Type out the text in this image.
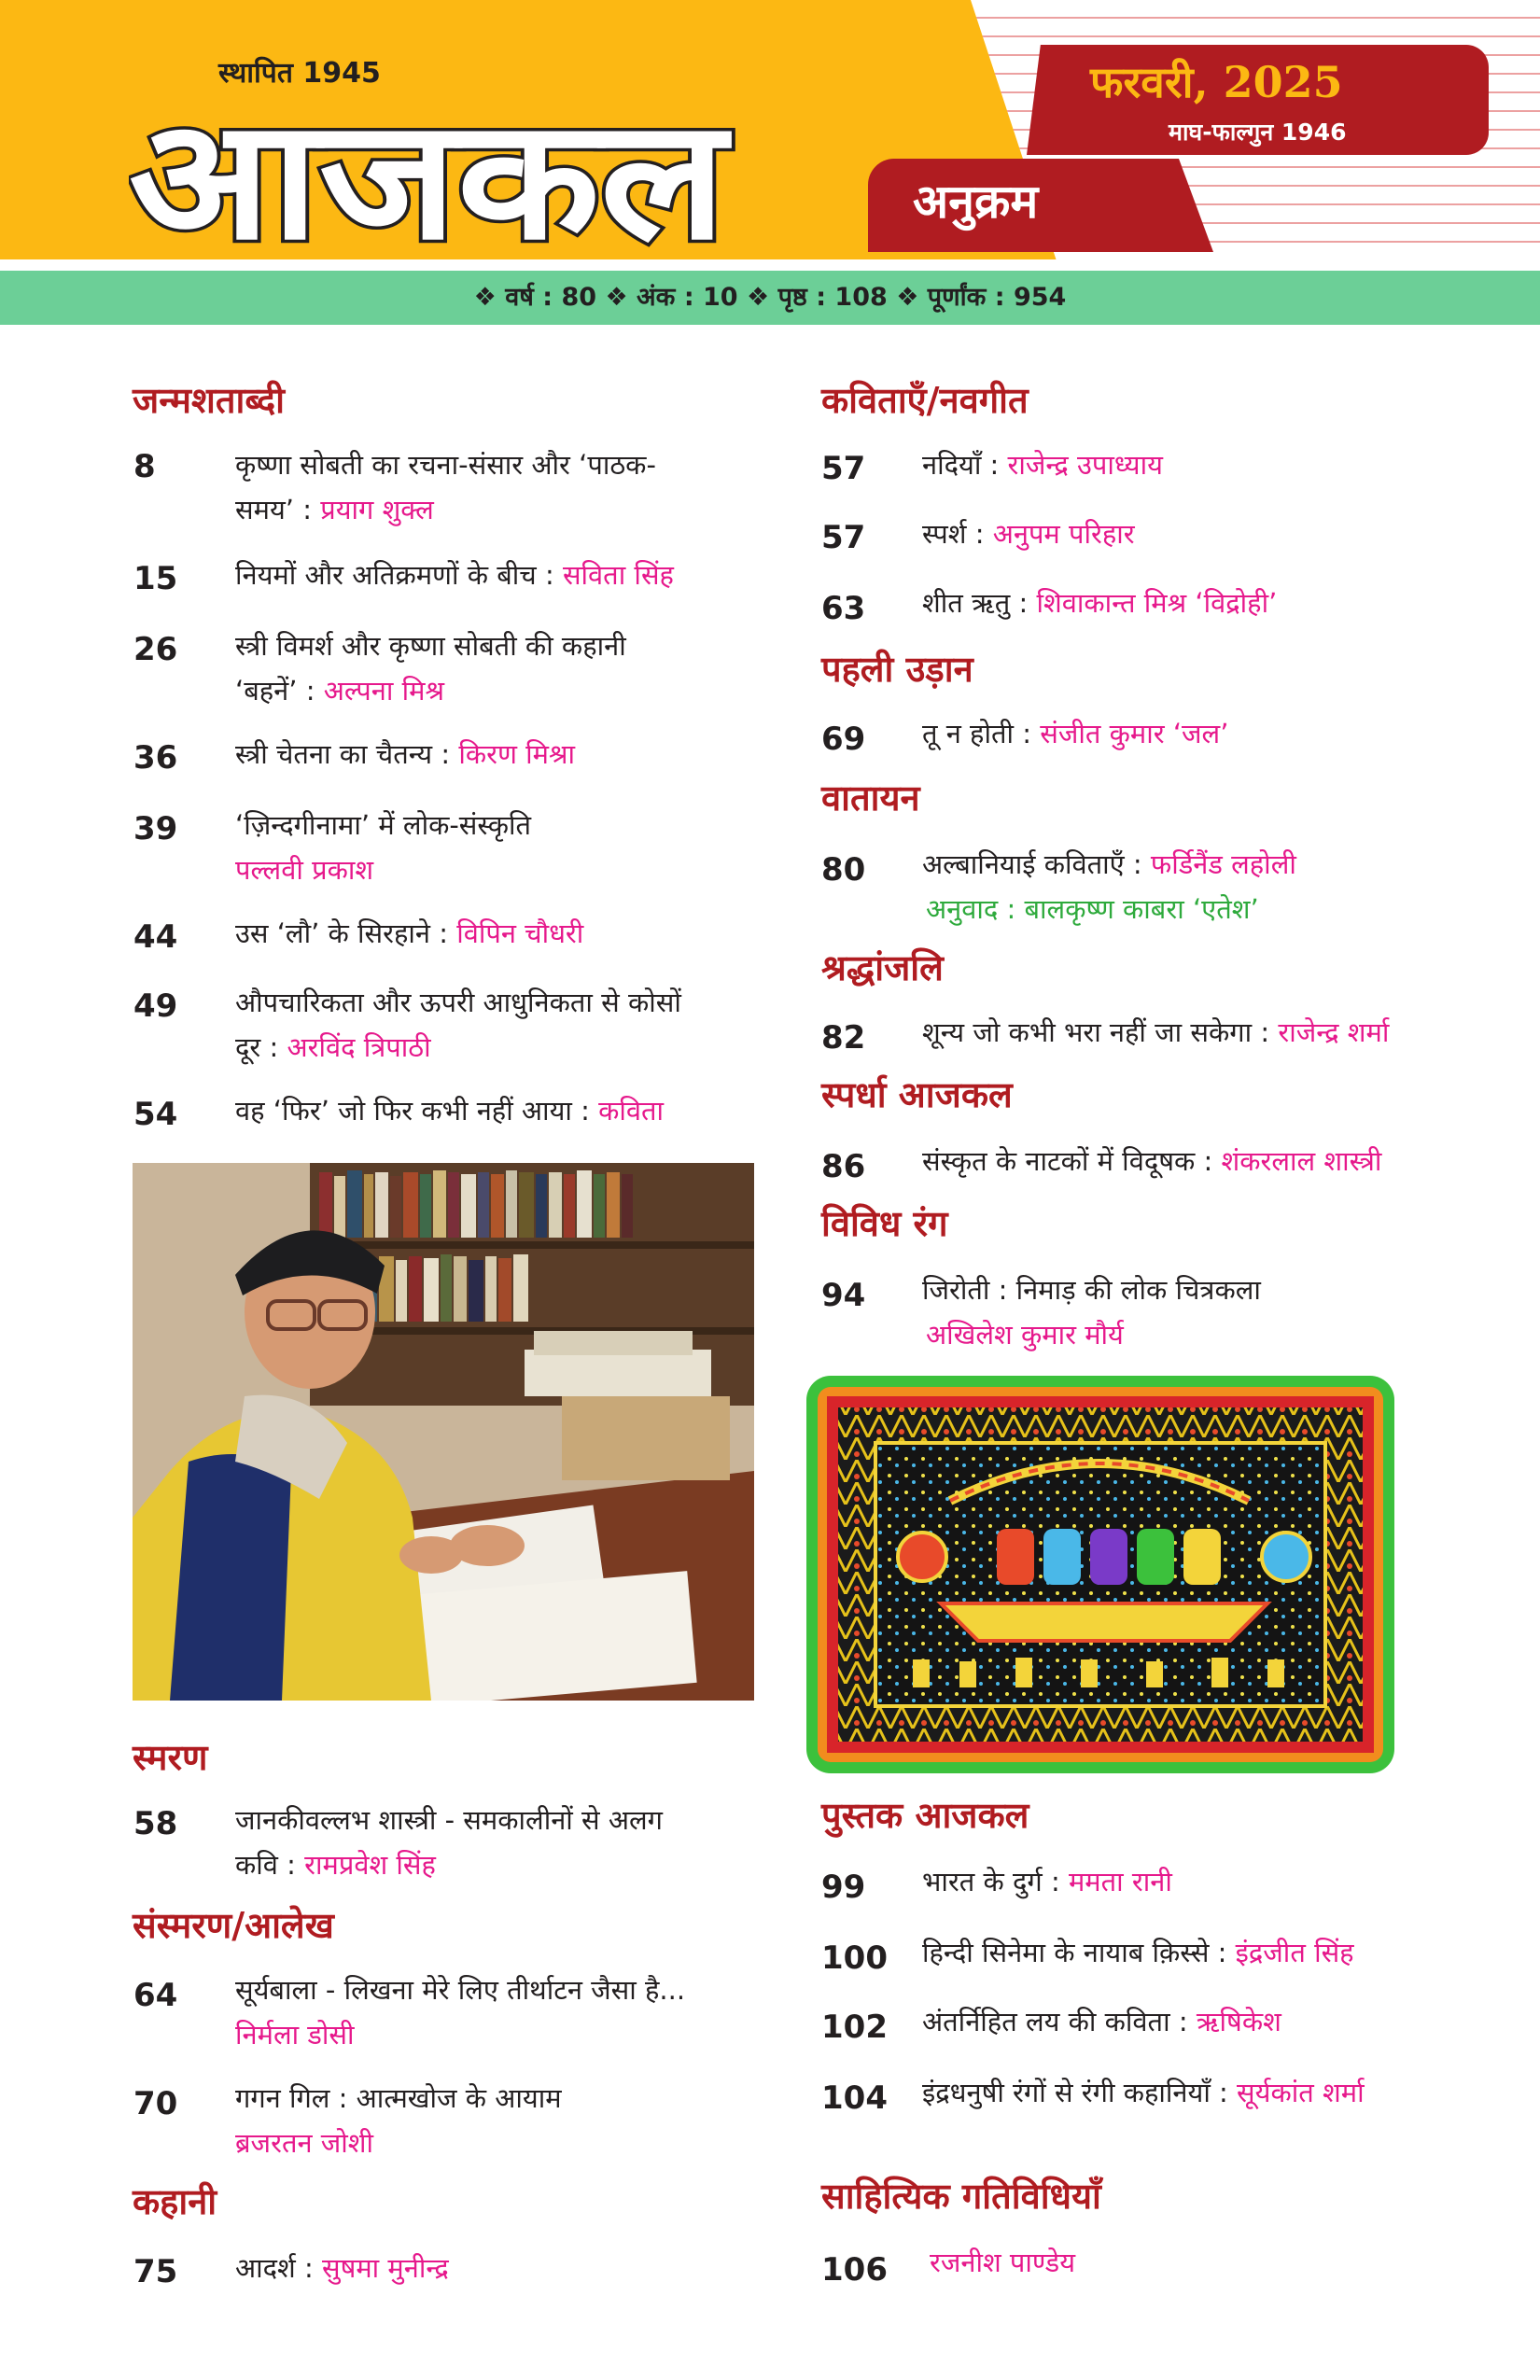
स्थापित 1945
आजकल
फरवरी, 2025
माघ-फाल्गुन 1946
अनुक्रम
❖ वर्ष : 80 ❖ अंक : 10 ❖ पृष्ठ : 108 ❖ पूर्णांक : 954
जन्मशताब्दी
8	कृष्णा सोबती का रचना-संसार और ‘पाठक-
समय’ : प्रयाग शुक्ल
15 नियमों और अतिक्रमणों के बीच : सविता सिंह
26 स्त्री विमर्श और कृष्णा सोबती की कहानी
‘बहनें’ : अल्पना मिश्र
36 स्त्री चेतना का चैतन्य : किरण मिश्रा
39 ‘ज़िन्दगीनामा’ में लोक-संस्कृति
पल्लवी प्रकाश
44 उस ‘लौ’ के सिरहाने : विपिन चौधरी
49 औपचारिकता और ऊपरी आधुनिकता से कोसों
दूर : अरविंद त्रिपाठी
54 वह ‘फिर’ जो फिर कभी नहीं आया : कविता
स्मरण
58 जानकीवल्लभ शास्त्री - समकालीनों से अलग
कवि : रामप्रवेश सिंह
संस्मरण/आलेख
64 सूर्यबाला - लिखना मेरे लिए तीर्थाटन जैसा है...
निर्मला डोसी
70 गगन गिल : आत्मखोज के आयाम
ब्रजरतन जोशी
कहानी
75 आदर्श : सुषमा मुनीन्द्र
कविताएँ/नवगीत
57 नदियाँ : राजेन्द्र उपाध्याय
57 स्पर्श : अनुपम परिहार
63 शीत ऋतु : शिवाकान्त मिश्र ‘विद्रोही’
पहली उड़ान
69 तू न होती : संजीत कुमार ‘जल’
वातायन
80 अल्बानियाई कविताएँ : फर्डिनैंड लहोली
अनुवाद : बालकृष्ण काबरा ‘एतेश’
श्रद्धांजलि
82 शून्य जो कभी भरा नहीं जा सकेगा : राजेन्द्र शर्मा
स्पर्धा आजकल
86 संस्कृत के नाटकों में विदूषक : शंकरलाल शास्त्री
विविध रंग
94 जिरोती : निमाड़ की लोक चित्रकला
अखिलेश कुमार मौर्य
पुस्तक आजकल
99 भारत के दुर्ग : ममता रानी
100 हिन्दी सिनेमा के नायाब क़िस्से : इंद्रजीत सिंह
102 अंतर्निहित लय की कविता : ऋषिकेश
104 इंद्रधनुषी रंगों से रंगी कहानियाँ : सूर्यकांत शर्मा
साहित्यिक गतिविधियाँ
106 रजनीश पाण्डेय
